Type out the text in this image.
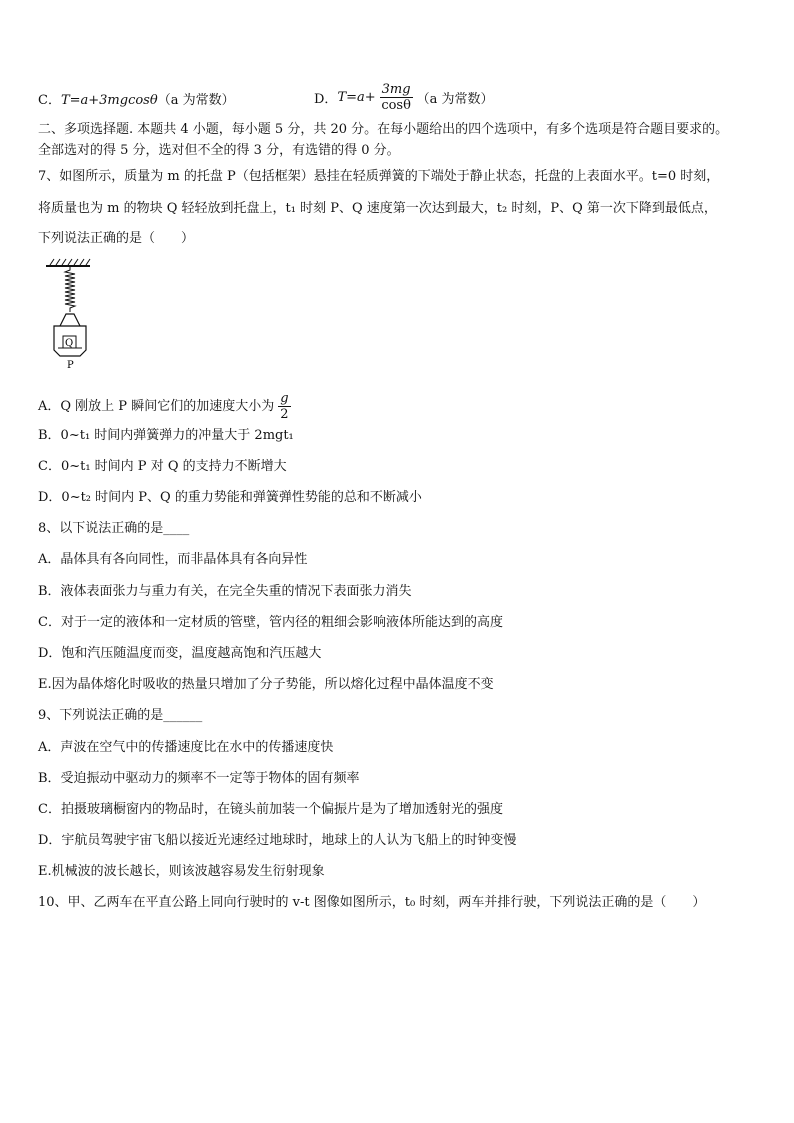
C．T=a+3mgcosθ（a 为常数）	D． $T=a+ \frac{3mg}{\cos\theta} (a$ 为常数）
二、多项选择题. 本题共 4 小题，每小题 5 分，共 20 分。在每小题给出的四个选项中，有多个选项是符合题目要求的。
全部选对的得 5 分，选对但不全的得 3 分，有选错的得 0 分。
7、如图所示，质量为 m 的托盘 P（包括框架）悬挂在轻质弹簧的下端处于静止状态，托盘的上表面水平。t=0 时刻，
将质量也为 m 的物块 Q 轻轻放到托盘上，t₁ 时刻 P、Q 速度第一次达到最大，t₂ 时刻，P、Q 第一次下降到最低点，
下列说法正确的是（　　）
Q
P
A．Q 刚放上 P 瞬间它们的加速度大小为 $\frac{g}{2}$
B．0~t₁ 时间内弹簧弹力的冲量大于 2mgt₁
C．0~t₁ 时间内 P 对 Q 的支持力不断增大
D．0~t₂ 时间内 P、Q 的重力势能和弹簧弹性势能的总和不断减小
8、以下说法正确的是____
A．晶体具有各向同性，而非晶体具有各向异性
B．液体表面张力与重力有关，在完全失重的情况下表面张力消失
C．对于一定的液体和一定材质的管壁，管内径的粗细会影响液体所能达到的高度
D．饱和汽压随温度而变，温度越高饱和汽压越大
E.因为晶体熔化时吸收的热量只增加了分子势能，所以熔化过程中晶体温度不变
9、下列说法正确的是______
A．声波在空气中的传播速度比在水中的传播速度快
B．受迫振动中驱动力的频率不一定等于物体的固有频率
C．拍摄玻璃橱窗内的物品时，在镜头前加装一个偏振片是为了增加透射光的强度
D．宇航员驾驶宇宙飞船以接近光速经过地球时，地球上的人认为飞船上的时钟变慢
E.机械波的波长越长，则该波越容易发生衍射现象
10、甲、乙两车在平直公路上同向行驶时的 v-t 图像如图所示，t₀ 时刻，两车并排行驶，下列说法正确的是（　　）
